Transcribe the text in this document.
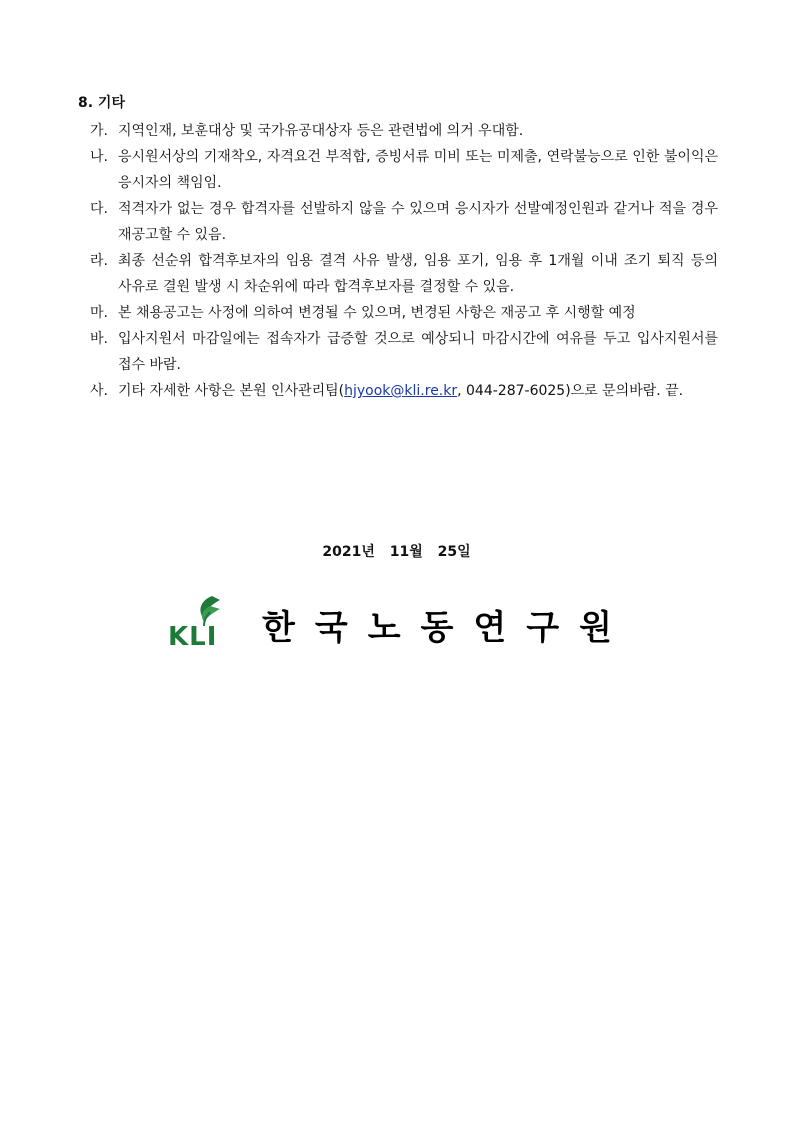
8. 기타
가. 지역인재, 보훈대상 및 국가유공대상자 등은 관련법에 의거 우대함.
나. 응시원서상의 기재착오, 자격요건 부적합, 증빙서류 미비 또는 미제출, 연락불능으로 인한 불이익은 응시자의 책임임.
다. 적격자가 없는 경우 합격자를 선발하지 않을 수 있으며 응시자가 선발예정인원과 같거나 적을 경우 재공고할 수 있음.
라. 최종 선순위 합격후보자의 임용 결격 사유 발생, 임용 포기, 임용 후 1개월 이내 조기 퇴직 등의 사유로 결원 발생 시 차순위에 따라 합격후보자를 결정할 수 있음.
마. 본 채용공고는 사정에 의하여 변경될 수 있으며, 변경된 사항은 재공고 후 시행할 예정
바. 입사지원서 마감일에는 접속자가 급증할 것으로 예상되니 마감시간에 여유를 두고 입사지원서를 접수 바람.
사. 기타 자세한 사항은 본원 인사관리팀(hjyook@kli.re.kr, 044-287-6025)으로 문의바람. 끝.
2021년 11월 25일
KLI 한국노동연구원
